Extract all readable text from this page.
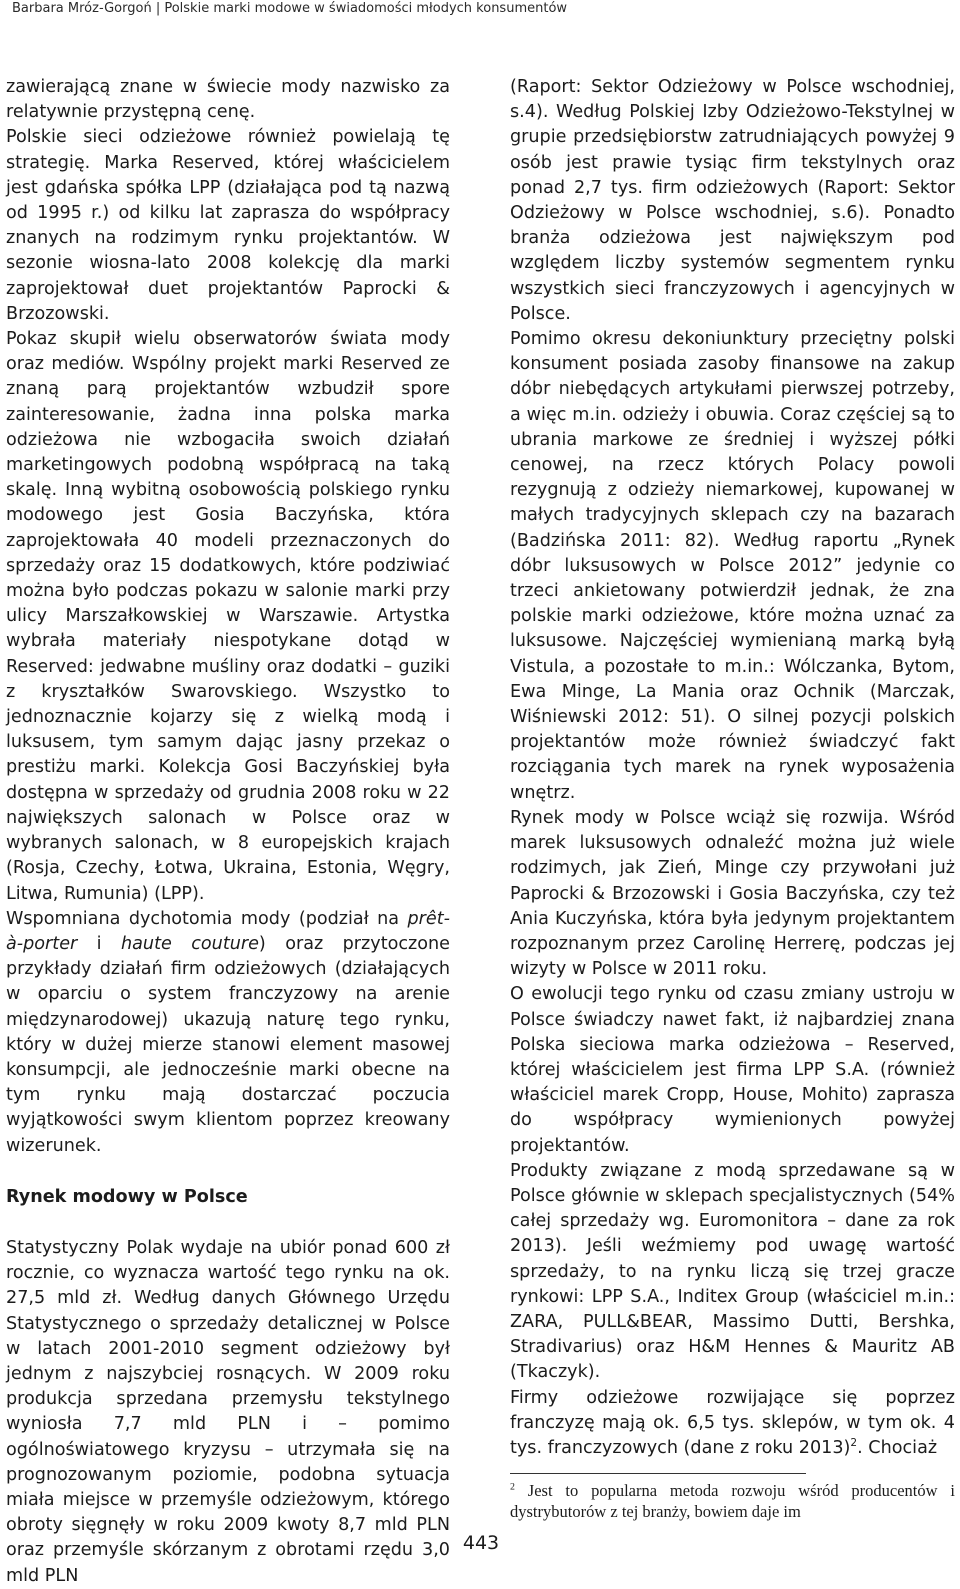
Barbara Mróz-Gorgoń | Polskie marki modowe w świadomości młodych konsumentów

zawierającą znane w świecie mody nazwisko za relatywnie przystępną cenę.

Polskie sieci odzieżowe również powielają tę strategię. Marka Reserved, której właścicielem jest gdańska spółka LPP (działająca pod tą nazwą od 1995 r.) od kilku lat zaprasza do współpracy znanych na rodzimym rynku projektantów. W sezonie wiosna-lato 2008 kolekcję dla marki zaprojektował duet projektantów Paprocki & Brzozowski.

Pokaz skupił wielu obserwatorów świata mody oraz mediów. Wspólny projekt marki Reserved ze znaną parą projektantów wzbudził spore zainteresowanie, żadna inna polska marka odzieżowa nie wzbogaciła swoich działań marketingowych podobną współpracą na taką skalę. Inną wybitną osobowością polskiego rynku modowego jest Gosia Baczyńska, która zaprojektowała 40 modeli przeznaczonych do sprzedaży oraz 15 dodatkowych, które podziwiać można było podczas pokazu w salonie marki przy ulicy Marszałkowskiej w Warszawie. Artystka wybrała materiały niespotykane dotąd w Reserved: jedwabne muśliny oraz dodatki – guziki z kryształków Swarovskiego. Wszystko to jednoznacznie kojarzy się z wielką modą i luksusem, tym samym dając jasny przekaz o prestiżu marki. Kolekcja Gosi Baczyńskiej była dostępna w sprzedaży od grudnia 2008 roku w 22 największych salonach w Polsce oraz w wybranych salonach, w 8 europejskich krajach (Rosja, Czechy, Łotwa, Ukraina, Estonia, Węgry, Litwa, Rumunia) (LPP).

Wspomniana dychotomia mody (podział na prêt-à-porter i haute couture) oraz przytoczone przykłady działań firm odzieżowych (działających w oparciu o system franczyzowy na arenie międzynarodowej) ukazują naturę tego rynku, który w dużej mierze stanowi element masowej konsumpcji, ale jednocześnie marki obecne na tym rynku mają dostarczać poczucia wyjątkowości swym klientom poprzez kreowany wizerunek.

Rynek modowy w Polsce

Statystyczny Polak wydaje na ubiór ponad 600 zł rocznie, co wyznacza wartość tego rynku na ok. 27,5 mld zł. Według danych Głównego Urzędu Statystycznego o sprzedaży detalicznej w Polsce w latach 2001-2010 segment odzieżowy był jednym z najszybciej rosnących. W 2009 roku produkcja sprzedana przemysłu tekstylnego wyniosła 7,7 mld PLN i – pomimo ogólnoświatowego kryzysu – utrzymała się na prognozowanym poziomie, podobna sytuacja miała miejsce w przemyśle odzieżowym, którego obroty sięgnęły w roku 2009 kwoty 8,7 mld PLN oraz przemyśle skórzanym z obrotami rzędu 3,0 mld PLN

(Raport: Sektor Odzieżowy w Polsce wschodniej, s.4). Według Polskiej Izby Odzieżowo-Tekstylnej w grupie przedsiębiorstw zatrudniających powyżej 9 osób jest prawie tysiąc firm tekstylnych oraz ponad 2,7 tys. firm odzieżowych (Raport: Sektor Odzieżowy w Polsce wschodniej, s.6). Ponadto branża odzieżowa jest największym pod względem liczby systemów segmentem rynku wszystkich sieci franczyzowych i agencyjnych w Polsce.

Pomimo okresu dekoniunktury przeciętny polski konsument posiada zasoby finansowe na zakup dóbr niebędących artykułami pierwszej potrzeby, a więc m.in. odzieży i obuwia. Coraz częściej są to ubrania markowe ze średniej i wyższej półki cenowej, na rzecz których Polacy powoli rezygnują z odzieży niemarkowej, kupowanej w małych tradycyjnych sklepach czy na bazarach (Badzińska 2011: 82). Według raportu „Rynek dóbr luksusowych w Polsce 2012” jedynie co trzeci ankietowany potwierdził jednak, że zna polskie marki odzieżowe, które można uznać za luksusowe. Najczęściej wymienianą marką byłą Vistula, a pozostałe to m.in.: Wólczanka, Bytom, Ewa Minge, La Mania oraz Ochnik (Marczak, Wiśniewski 2012: 51). O silnej pozycji polskich projektantów może również świadczyć fakt rozciągania tych marek na rynek wyposażenia wnętrz.

Rynek mody w Polsce wciąż się rozwija. Wśród marek luksusowych odnaleźć można już wiele rodzimych, jak Zień, Minge czy przywołani już Paprocki & Brzozowski i Gosia Baczyńska, czy też Ania Kuczyńska, która była jedynym projektantem rozpoznanym przez Carolinę Herrerę, podczas jej wizyty w Polsce w 2011 roku.

O ewolucji tego rynku od czasu zmiany ustroju w Polsce świadczy nawet fakt, iż najbardziej znana Polska sieciowa marka odzieżowa – Reserved, której właścicielem jest firma LPP S.A. (również właściciel marek Cropp, House, Mohito) zaprasza do współpracy wymienionych powyżej projektantów.

Produkty związane z modą sprzedawane są w Polsce głównie w sklepach specjalistycznych (54% całej sprzedaży wg. Euromonitora – dane za rok 2013). Jeśli weźmiemy pod uwagę wartość sprzedaży, to na rynku liczą się trzej gracze rynkowi: LPP S.A., Inditex Group (właściciel m.in.: ZARA, PULL&BEAR, Massimo Dutti, Bershka, Stradivarius) oraz H&M Hennes & Mauritz AB (Tkaczyk).

Firmy odzieżowe rozwijające się poprzez franczyzę mają ok. 6,5 tys. sklepów, w tym ok. 4 tys. franczyzowych (dane z roku 2013)$^2$. Chociaż

$^2$ Jest to popularna metoda rozwoju wśród producentów i dystrybutorów z tej branży, bowiem daje im

443
